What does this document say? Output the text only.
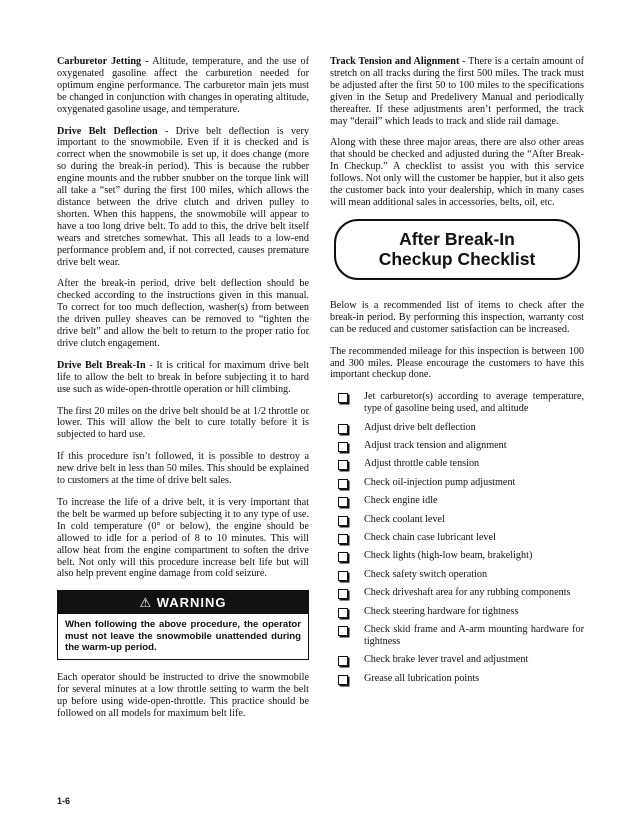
Carburetor Jetting - Altitude, temperature, and the use of oxygenated gasoline affect the carburetion needed for optimum engine performance. The carburetor main jets must be changed in conjunction with changes in operating altitude, oxygenated gasoline usage, and temperature.

Drive Belt Deflection - Drive belt deflection is very important to the snowmobile. Even if it is checked and is correct when the snowmobile is set up, it does change (more so during the break-in period). This is because the rubber engine mounts and the rubber snubber on the torque link will all take a “set” during the first 100 miles, which allows the distance between the drive clutch and driven pulley to shorten. When this happens, the snowmobile will appear to have a too long drive belt. To add to this, the drive belt itself wears and stretches somewhat. This all leads to a low-end performance problem and, if not corrected, causes premature drive belt wear.

After the break-in period, drive belt deflection should be checked according to the instructions given in this manual. To correct for too much deflection, washer(s) from between the driven pulley sheaves can be removed to “tighten the drive belt” and allow the belt to return to the proper ratio for drive clutch engagement.

Drive Belt Break-In - It is critical for maximum drive belt life to allow the belt to break in before subjecting it to hard use such as wide-open-throttle operation or hill climbing.

The first 20 miles on the drive belt should be at 1/2 throttle or lower. This will allow the belt to cure totally before it is subjected to hard use.

If this procedure isn’t followed, it is possible to destroy a new drive belt in less than 50 miles. This should be explained to customers at the time of drive belt sales.

To increase the life of a drive belt, it is very important that the belt be warmed up before subjecting it to any type of use. In cold temperature (0° or below), the engine should be allowed to idle for a period of 8 to 10 minutes. This will allow heat from the engine compartment to soften the drive belt. Not only will this procedure increase belt life but will also help prevent engine damage from cold seizure.

⚠ WARNING
When following the above procedure, the operator must not leave the snowmobile unattended during the warm-up period.

Each operator should be instructed to drive the snowmobile for several minutes at a low throttle setting to warm the belt up before using wide-open-throttle. This practice should be followed on all models for maximum belt life.

Track Tension and Alignment - There is a certain amount of stretch on all tracks during the first 500 miles. The track must be adjusted after the first 50 to 100 miles to the specifications given in the Setup and Predelivery Manual and periodically thereafter. If these adjustments aren’t performed, the track may “derail” which leads to track and slide rail damage.

Along with these three major areas, there are also other areas that should be checked and adjusted during the “After Break-In Checkup.” A checklist to assist you with this service follows. Not only will the customer be happier, but it also gets the customer back into your dealership, which in many cases will mean additional sales in accessories, belts, oil, etc.

After Break-In
Checkup Checklist

Below is a recommended list of items to check after the break-in period. By performing this inspection, warranty cost can be reduced and customer satisfaction can be increased.

The recommended mileage for this inspection is between 100 and 300 miles. Please encourage the customers to have this important checkup done.

Jet carburetor(s) according to average temperature, type of gasoline being used, and altitude
Adjust drive belt deflection
Adjust track tension and alignment
Adjust throttle cable tension
Check oil-injection pump adjustment
Check engine idle
Check coolant level
Check chain case lubricant level
Check lights (high-low beam, brakelight)
Check safety switch operation
Check driveshaft area for any rubbing components
Check steering hardware for tightness
Check skid frame and A-arm mounting hardware for tightness
Check brake lever travel and adjustment
Grease all lubrication points
1-6
